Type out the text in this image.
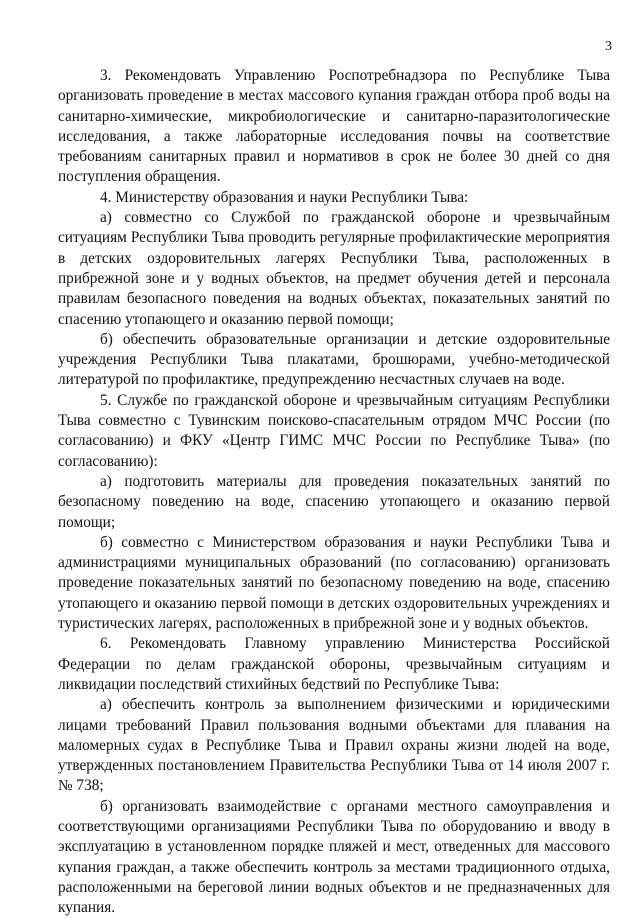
3

3. Рекомендовать Управлению Роспотребнадзора по Республике Тыва организовать проведение в местах массового купания граждан отбора проб воды на санитарно-химические, микробиологические и санитарно-паразитологические исследования, а также лабораторные исследования почвы на соответствие требованиям санитарных правил и нормативов в срок не более 30 дней со дня поступления обращения.

4. Министерству образования и науки Республики Тыва:

а) совместно со Службой по гражданской обороне и чрезвычайным ситуациям Республики Тыва проводить регулярные профилактические мероприятия в детских оздоровительных лагерях Республики Тыва, расположенных в прибрежной зоне и у водных объектов, на предмет обучения детей и персонала правилам безопасного поведения на водных объектах, показательных занятий по спасению утопающего и оказанию первой помощи;

б) обеспечить образовательные организации и детские оздоровительные учреждения Республики Тыва плакатами, брошюрами, учебно-методической литературой по профилактике, предупреждению несчастных случаев на воде.

5. Службе по гражданской обороне и чрезвычайным ситуациям Республики Тыва совместно с Тувинским поисково-спасательным отрядом МЧС России (по согласованию) и ФКУ «Центр ГИМС МЧС России по Республике Тыва» (по согласованию):

а) подготовить материалы для проведения показательных занятий по безопасному поведению на воде, спасению утопающего и оказанию первой помощи;

б) совместно с Министерством образования и науки Республики Тыва и администрациями муниципальных образований (по согласованию) организовать проведение показательных занятий по безопасному поведению на воде, спасению утопающего и оказанию первой помощи в детских оздоровительных учреждениях и туристических лагерях, расположенных в прибрежной зоне и у водных объектов.

6. Рекомендовать Главному управлению Министерства Российской Федерации по делам гражданской обороны, чрезвычайным ситуациям и ликвидации последствий стихийных бедствий по Республике Тыва:

а) обеспечить контроль за выполнением физическими и юридическими лицами требований Правил пользования водными объектами для плавания на маломерных судах в Республике Тыва и Правил охраны жизни людей на воде, утвержденных постановлением Правительства Республики Тыва от 14 июля 2007 г. № 738;

б) организовать взаимодействие с органами местного самоуправления и соответствующими организациями Республики Тыва по оборудованию и вводу в эксплуатацию в установленном порядке пляжей и мест, отведенных для массового купания граждан, а также обеспечить контроль за местами традиционного отдыха, расположенными на береговой линии водных объектов и не предназначенных для купания.
